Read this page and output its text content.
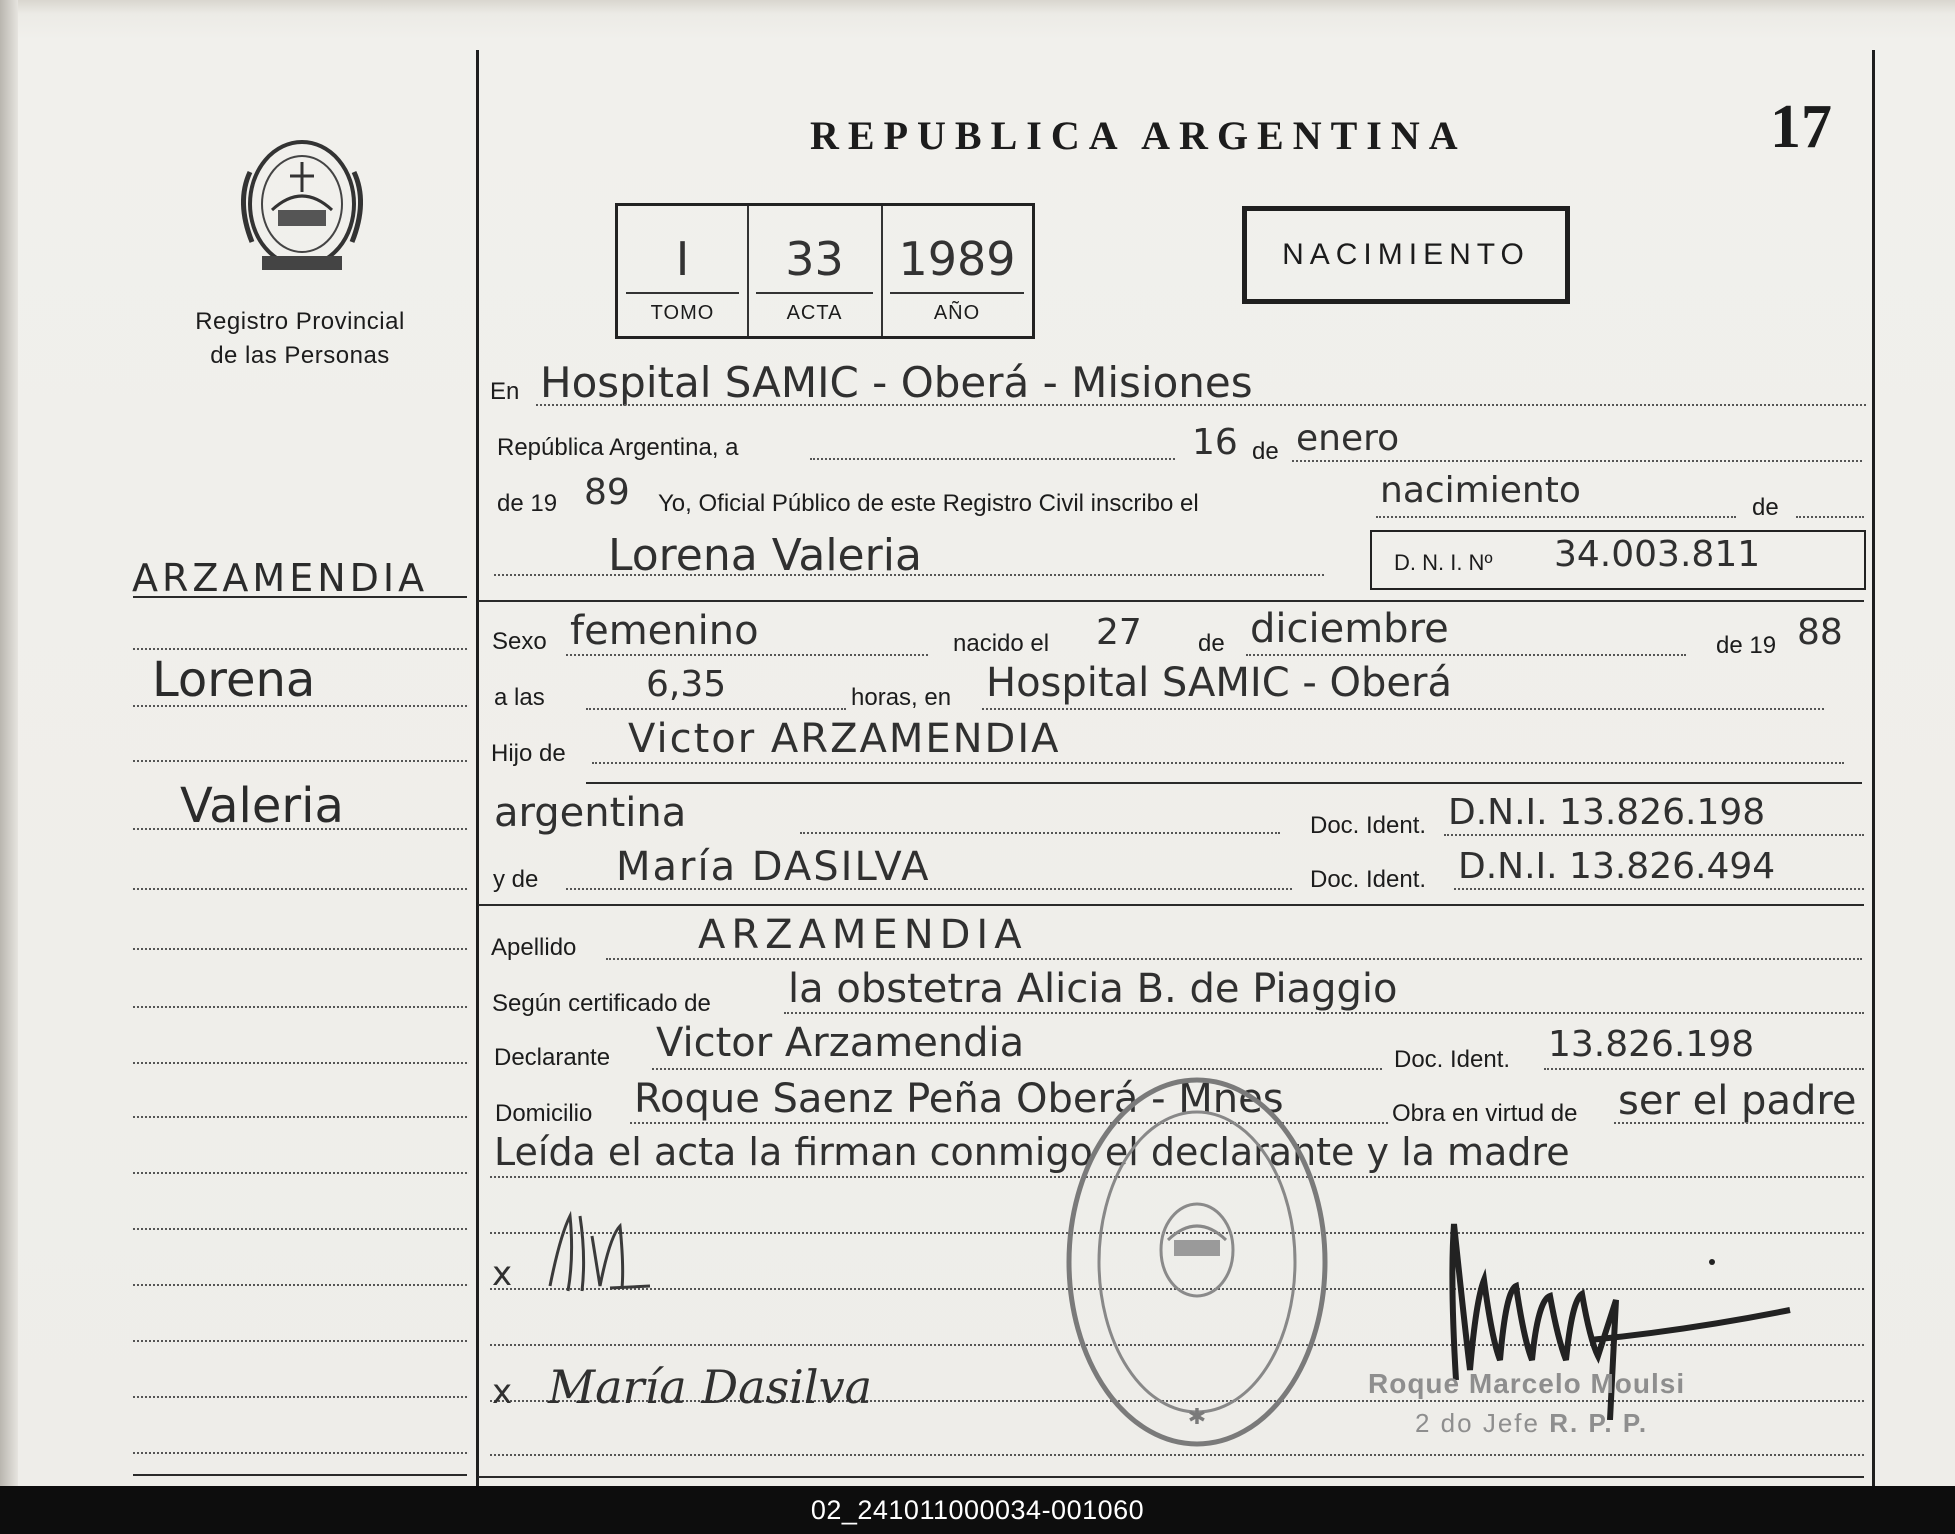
Registro Provincial
de las Personas
ARZAMENDIA
Lorena
Valeria
REPUBLICA ARGENTINA	17
I
TOMO
33
ACTA
1989
AÑO
NACIMIENTO
En Hospital SAMIC - Oberá - Misiones
República Argentina, a	16 de enero
de 19 89 Yo, Oficial Público de este Registro Civil inscribo el	nacimiento	de
Lorena Valeria	D. N. I. Nº 34.003.811
Sexo femenino	nacido el 27 de diciembre	de 19 88
a las	6,35	horas, en Hospital SAMIC - Oberá
Hijo de Victor ARZAMENDIA
argentina	Doc. Ident. D.N.I. 13.826.198
y de María DASILVA	Doc. Ident. D.N.I. 13.826.494
Apellido	ARZAMENDIA
Según certificado de la obstetra Alicia B. de Piaggio
Declarante Victor Arzamendia	Doc. Ident. 13.826.198
Domicilio Roque Saenz Peña Oberá - Mnes	Obra en virtud de ser el padre
Leída el acta la firman conmigo el declarante y la madre
x
x María Dasilva
✱
Roque Marcelo Moulsi
2 do Jefe R. P. P.
02_241011000034-001060
